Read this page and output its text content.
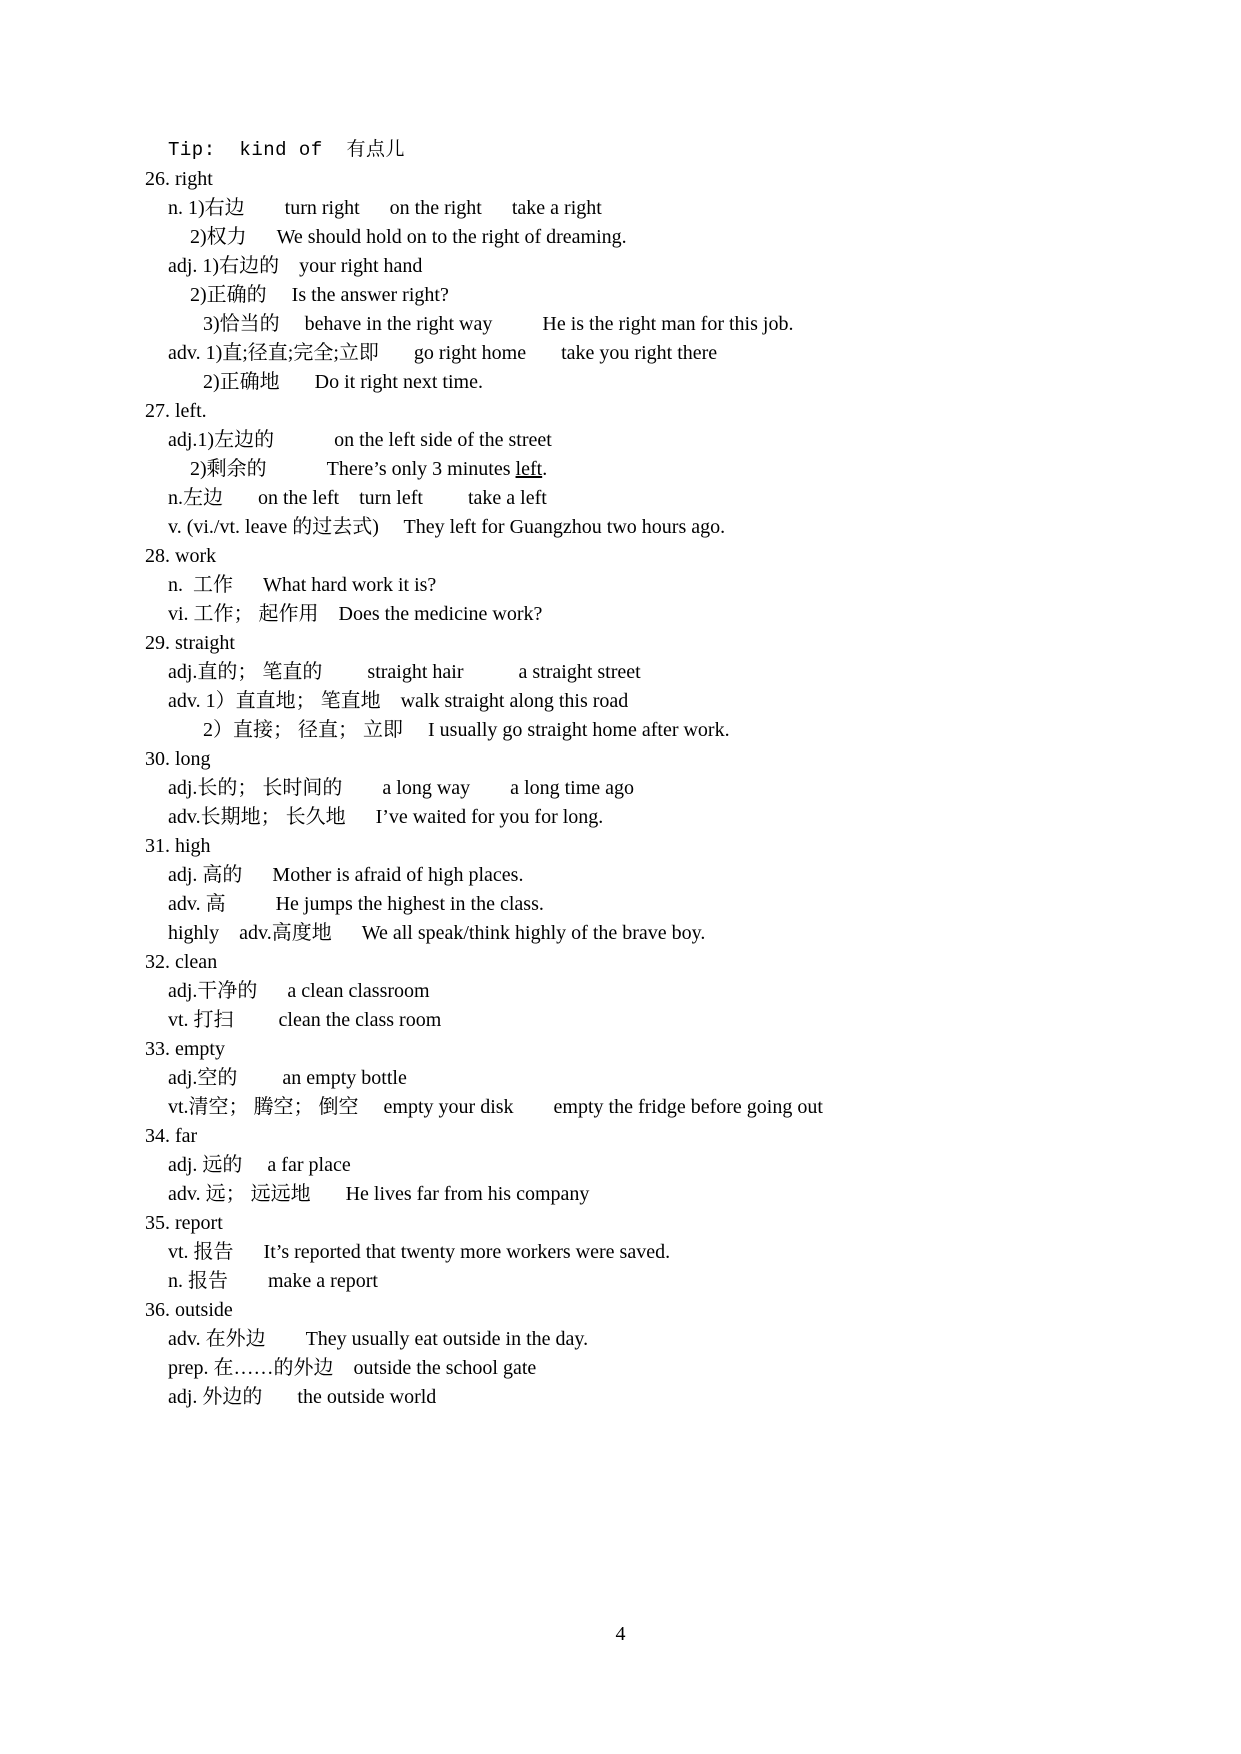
Tip:  kind of  有点儿
26. right
n. 1)右边        turn right      on the right      take a right
2)权力      We should hold on to the right of dreaming.
adj. 1)右边的    your right hand
2)正确的     Is the answer right?
3)恰当的     behave in the right way          He is the right man for this job.
adv. 1)直;径直;完全;立即       go right home       take you right there
2)正确地       Do it right next time.
27. left.
adj.1)左边的            on the left side of the street
2)剩余的            There’s only 3 minutes left.
n.左边       on the left    turn left         take a left
v. (vi./vt. leave 的过去式)     They left for Guangzhou two hours ago.
28. work
n.  工作      What hard work it is?
vi. 工作； 起作用    Does the medicine work?
29. straight
adj.直的； 笔直的         straight hair           a straight street
adv. 1）直直地； 笔直地    walk straight along this road
2）直接； 径直； 立即     I usually go straight home after work.
30. long
adj.长的； 长时间的        a long way        a long time ago
adv.长期地； 长久地      I’ve waited for you for long.
31. high
adj. 高的      Mother is afraid of high places.
adv. 高          He jumps the highest in the class.
highly    adv.高度地      We all speak/think highly of the brave boy.
32. clean
adj.干净的      a clean classroom
vt. 打扫         clean the class room
33. empty
adj.空的         an empty bottle
vt.清空； 腾空； 倒空     empty your disk        empty the fridge before going out
34. far
adj. 远的     a far place
adv. 远； 远远地       He lives far from his company
35. report
vt. 报告      It’s reported that twenty more workers were saved.
n. 报告        make a report
36. outside
adv. 在外边        They usually eat outside in the day.
prep. 在……的外边    outside the school gate
adj. 外边的       the outside world
4
